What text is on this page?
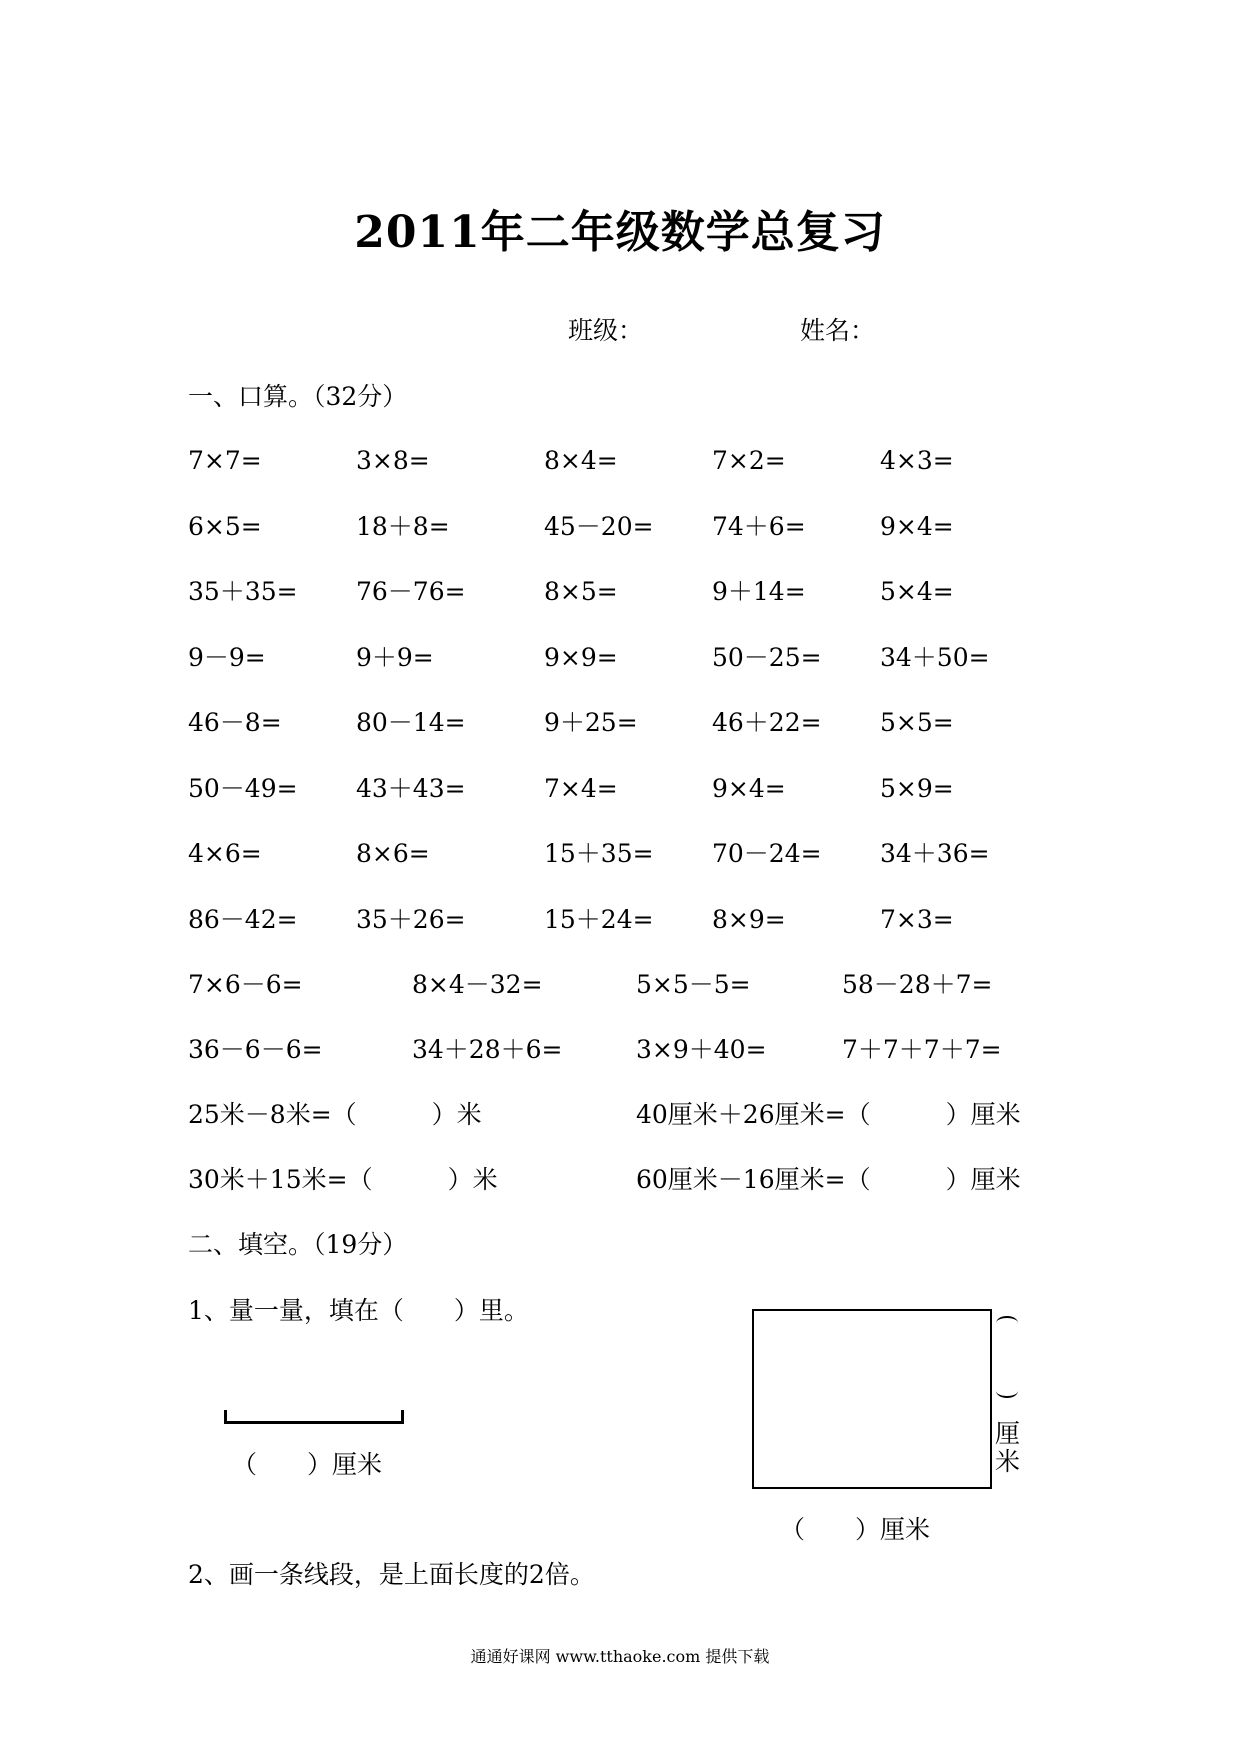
2011年二年级数学总复习
班级：	姓名：
一、口算。（32分）
7×7=	3×8=	8×4=	7×2=	4×3=
6×5=	18＋8=	45－20= 74＋6=	9×4=
35＋35= 76－76=	8×5=	9＋14=	5×4=
9－9=	9＋9=	9×9=	50－25= 34＋50=
46－8=	80－14=	9＋25=	46＋22= 5×5=
50－49= 43＋43=	7×4=	9×4=	5×9=
4×6=	8×6=	15＋35= 70－24= 34＋36=
86－42= 35＋26=	15＋24= 8×9=	7×3=
7×6－6=	8×4－32=	5×5－5=	58－28＋7=
36－6－6=	34＋28＋6=	3×9＋40=	7＋7＋7＋7=
25米－8米=（　　　）米	40厘米＋26厘米=（　　　）厘米
30米＋15米=（　　　）米	60厘米－16厘米=（　　　）厘米
二、填空。（19分）
1、量一量，填在（　　）里。
（　　）厘米
厘米
（　　）厘米
2、画一条线段，是上面长度的2倍。
通通好课网 www.tthaoke.com 提供下载
